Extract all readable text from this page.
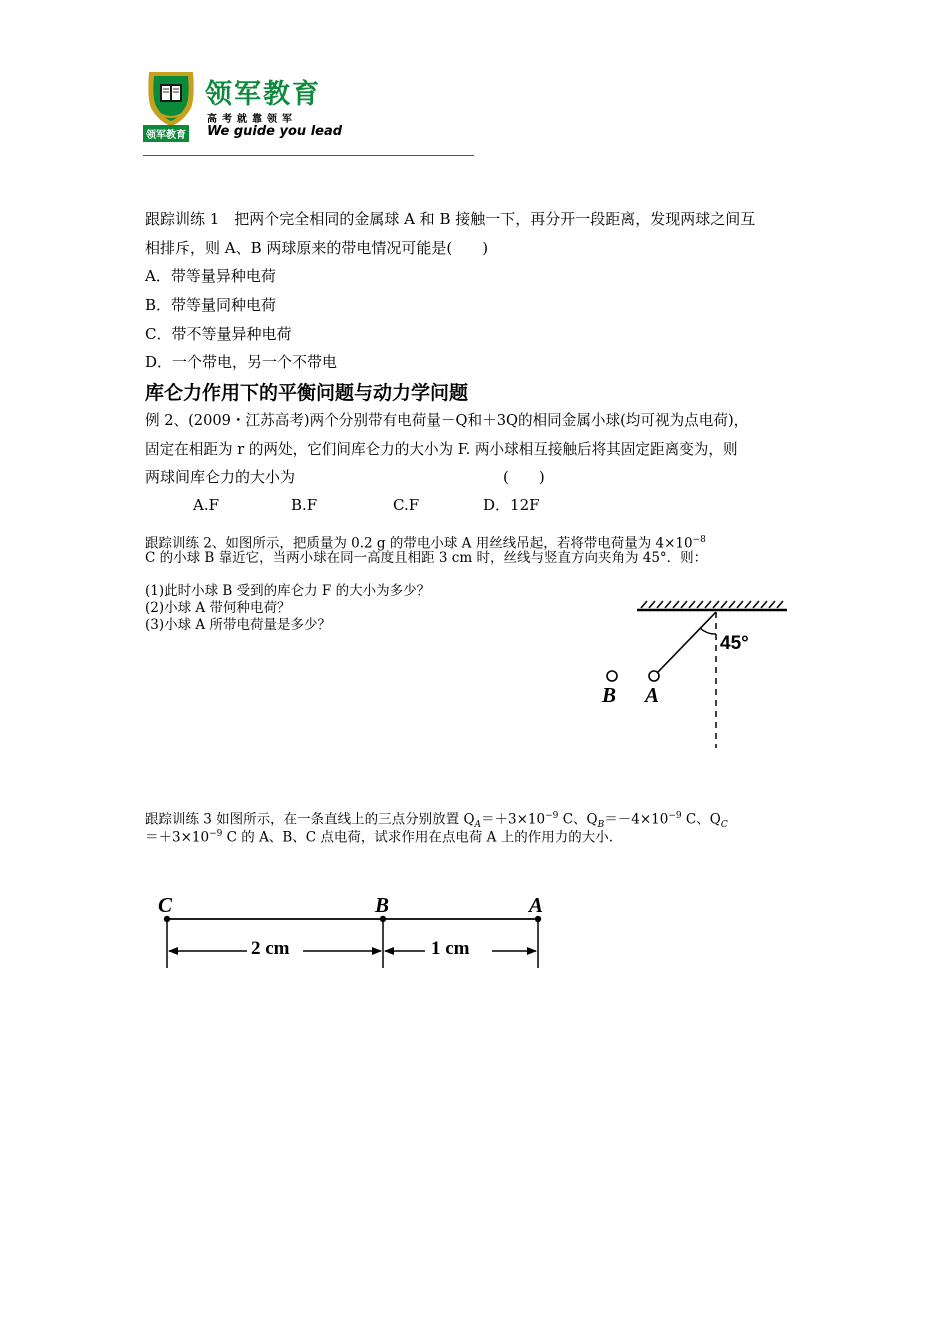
领军教育
高考就靠领军
领军教育 We guide you lead
跟踪训练 1　把两个完全相同的金属球 A 和 B 接触一下，再分开一段距离，发现两球之间互
相排斥，则 A、B 两球原来的带电情况可能是(　　)
A．带等量异种电荷
B．带等量同种电荷
C．带不等量异种电荷
D．一个带电，另一个不带电
库仑力作用下的平衡问题与动力学问题
例 2、(2009・江苏高考)两个分别带有电荷量－Q和＋3Q的相同金属小球(均可视为点电荷)，
固定在相距为 r 的两处，它们间库仑力的大小为 F. 两小球相互接触后将其固定距离变为，则
两球间库仑力的大小为	(　　)
A.F	B.F	C.F	D．12F
跟踪训练 2、如图所示，把质量为 0.2 g 的带电小球 A 用丝线吊起，若将带电荷量为 $4\times 10^{-8}$
C 的小球 B 靠近它，当两小球在同一高度且相距 3 cm 时，丝线与竖直方向夹角为 45°．则：
(1)此时小球 B 受到的库仑力 F 的大小为多少？
(2)小球 A 带何种电荷？
(3)小球 A 所带电荷量是多少？
45°
B A
跟踪训练 3 如图所示，在一条直线上的三点分别放置 $Q_A=+3\times 10^{-9}$ C、$Q_B=-4\times 10^{-9}$ C、$Q_C$
$=+3\times 10^{-9}$ C 的 A、B、C 点电荷，试求作用在点电荷 A 上的作用力的大小.
C	B	A
2 cm	1 cm
